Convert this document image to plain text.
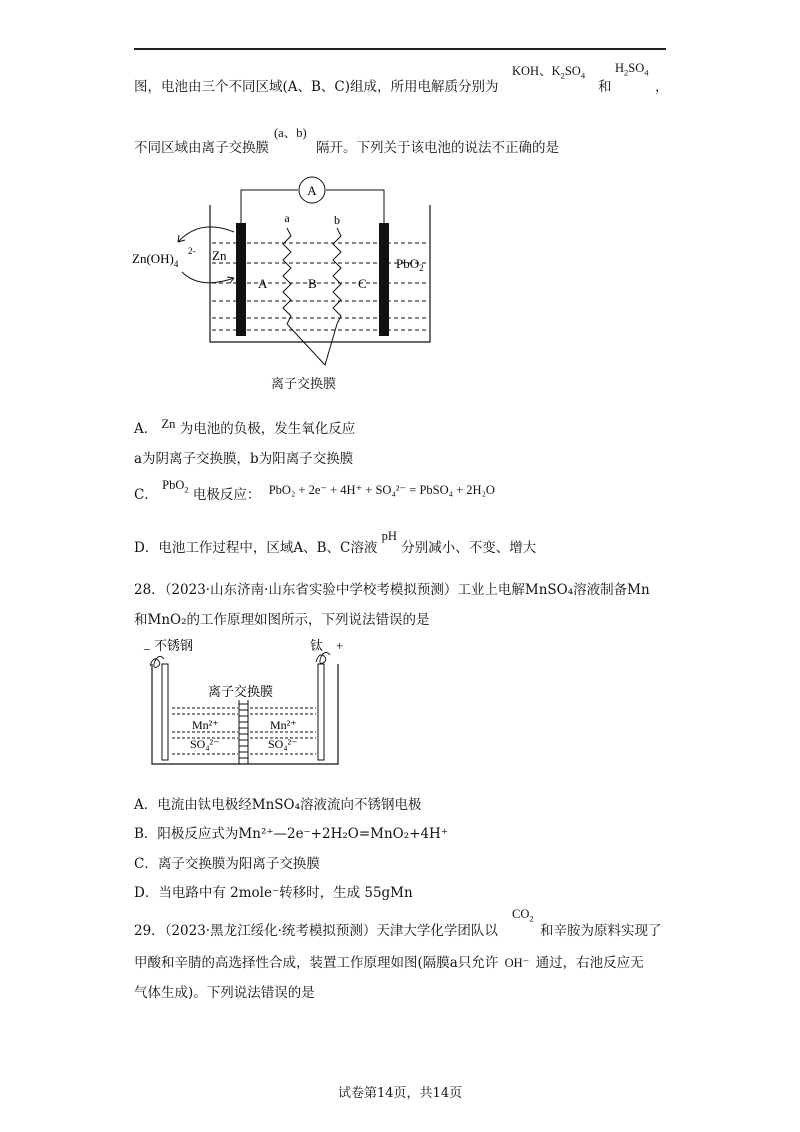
图，电池由三个不同区域(A、B、C)组成，所用电解质分别为
KOH、$K_2SO_4$
和
$H_2SO_4$
，
不同区域由离子交换膜
(a、b)
隔开。下列关于该电池的说法不正确的是
A
a	b
A	B	C
Zn
PbO$_2$
$Zn(OH)_4$
2-
离子交换膜
A． Zn 为电池的负极，发生氧化反应
a为阴离子交换膜，b为阳离子交换膜
C． PbO$_2$ 电极反应： PbO₂ + 2e⁻ + 4H⁺ + SO₄²⁻ = PbSO₄ + 2H₂O
D．电池工作过程中，区域A、B、C溶液 pH 分别减小、不变、增大
28．（2023·山东济南·山东省实验中学校考模拟预测）工业上电解MnSO₄溶液制备Mn
和MnO₂的工作原理如图所示，下列说法错误的是
_ 不锈钢	钛 +
离子交换膜
Mn²⁺
SO₄²⁻
Mn²⁺
SO₄²⁻
A．电流由钛电极经MnSO₄溶液流向不锈钢电极
B．阳极反应式为Mn²⁺—2e⁻+2H₂O=MnO₂+4H⁺
C．离子交换膜为阳离子交换膜
D．当电路中有 2mole⁻转移时，生成 55gMn
29．（2023·黑龙江绥化·统考模拟预测）天津大学化学团队以
$CO_2$
和辛胺为原料实现了
甲酸和辛腈的高选择性合成，装置工作原理如图(隔膜a只允许 OH⁻ 通过，右池反应无
气体生成)。下列说法错误的是
试卷第14页，共14页
